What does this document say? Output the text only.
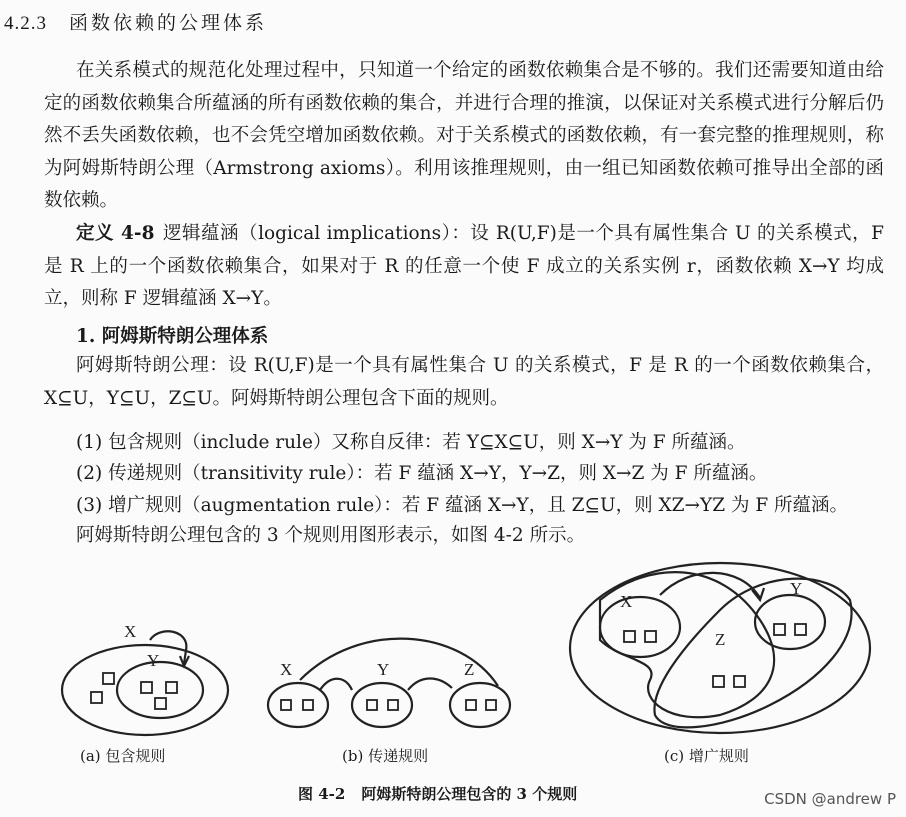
4.2.3 函数依赖的公理体系

在关系模式的规范化处理过程中，只知道一个给定的函数依赖集合是不够的。我们还需要知道由给定的函数依赖集合所蕴涵的所有函数依赖的集合，并进行合理的推演，以保证对关系模式进行分解后仍然不丢失函数依赖，也不会凭空增加函数依赖。对于关系模式的函数依赖，有一套完整的推理规则，称为阿姆斯特朗公理（Armstrong axioms）。利用该推理规则，由一组已知函数依赖可推导出全部的函数依赖。

定义 4-8 逻辑蕴涵（logical implications）：设 R(U,F)是一个具有属性集合 U 的关系模式，F 是 R 上的一个函数依赖集合，如果对于 R 的任意一个使 F 成立的关系实例 r，函数依赖 X→Y 均成立，则称 F 逻辑蕴涵 X→Y。

1. 阿姆斯特朗公理体系

阿姆斯特朗公理：设 R(U,F)是一个具有属性集合 U 的关系模式，F 是 R 的一个函数依赖集合，X⊆U，Y⊆U，Z⊆U。阿姆斯特朗公理包含下面的规则。

(1) 包含规则（include rule）又称自反律：若 Y⊆X⊆U，则 X→Y 为 F 所蕴涵。
(2) 传递规则（transitivity rule）：若 F 蕴涵 X→Y，Y→Z，则 X→Z 为 F 所蕴涵。
(3) 增广规则（augmentation rule）：若 F 蕴涵 X→Y，且 Z⊆U，则 XZ→YZ 为 F 所蕴涵。
阿姆斯特朗公理包含的 3 个规则用图形表示，如图 4-2 所示。
X
Y	X	Y	Z
X
Y
Z
(a) 包含规则	(b) 传递规则	(c) 增广规则
图 4-2 阿姆斯特朗公理包含的 3 个规则	CSDN @andrew P
